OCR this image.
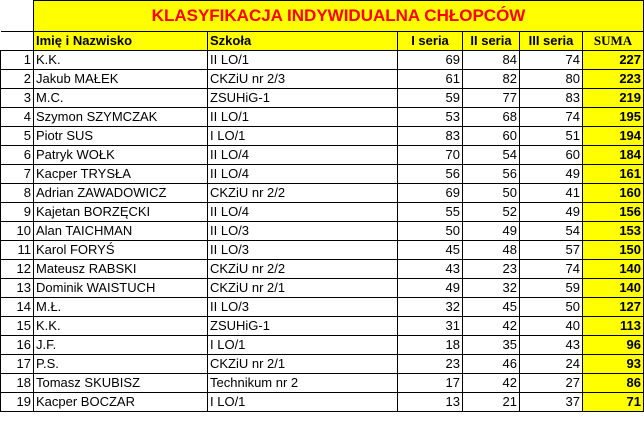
	KLASYFIKACJA INDYWIDUALNA CHŁOPCÓW					
	Imię i Nazwisko	Szkoła	I seria	II seria	III seria	SUMA
1	K.K.	II LO/1	69	84	74	227
2	Jakub MAŁEK	CKZiU nr 2/3	61	82	80	223
3	M.C.	ZSUHiG-1	59	77	83	219
4	Szymon SZYMCZAK	II LO/1	53	68	74	195
5	Piotr SUS	I LO/1	83	60	51	194
6	Patryk WOŁK	II LO/4	70	54	60	184
7	Kacper TRYSŁA	II LO/4	56	56	49	161
8	Adrian ZAWADOWICZ	CKZiU nr 2/2	69	50	41	160
9	Kajetan BORZĘCKI	II LO/4	55	52	49	156
10	Alan TAICHMAN	II LO/3	50	49	54	153
11	Karol FORYŚ	II LO/3	45	48	57	150
12	Mateusz RABSKI	CKZiU nr 2/2	43	23	74	140
13	Dominik WAISTUCH	CKZiU nr 2/1	49	32	59	140
14	M.Ł.	II LO/3	32	45	50	127
15	K.K.	ZSUHiG-1	31	42	40	113
16	J.F.	I LO/1	18	35	43	96
17	P.S.	CKZiU nr 2/1	23	46	24	93
18	Tomasz SKUBISZ	Technikum nr 2	17	42	27	86
19	Kacper BOCZAR	I LO/1	13	21	37	71
